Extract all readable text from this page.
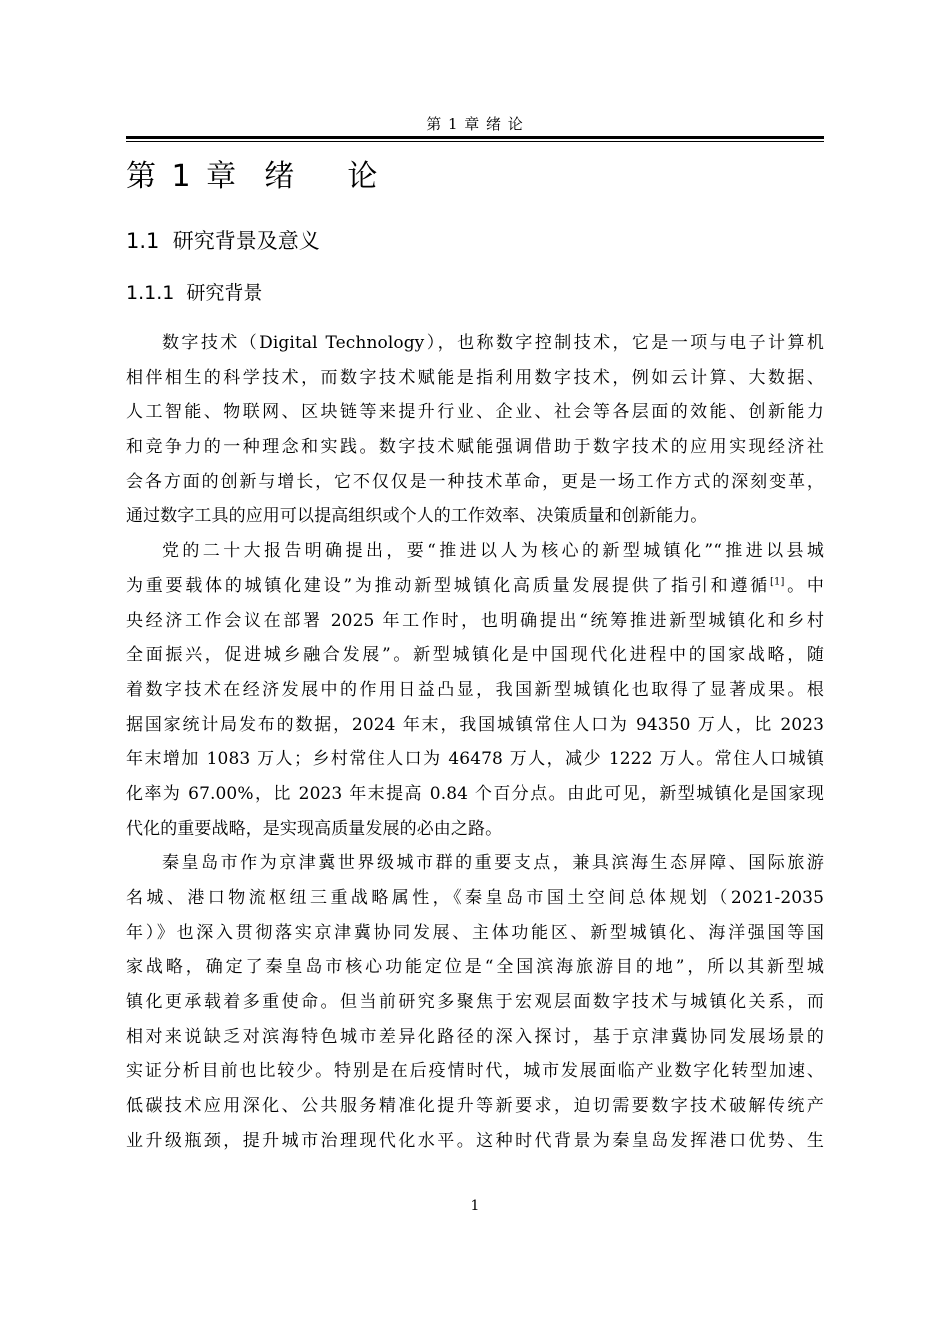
第 1 章 绪 论
第 1 章  绪    论
1.1  研究背景及意义
1.1.1  研究背景
数字技术（Digital Technology），也称数字控制技术，它是一项与电子计算机
相伴相生的科学技术，而数字技术赋能是指利用数字技术，例如云计算、大数据、
人工智能、物联网、区块链等来提升行业、企业、社会等各层面的效能、创新能力
和竞争力的一种理念和实践。数字技术赋能强调借助于数字技术的应用实现经济社
会各方面的创新与增长，它不仅仅是一种技术革命，更是一场工作方式的深刻变革，
通过数字工具的应用可以提高组织或个人的工作效率、决策质量和创新能力。
党的二十大报告明确提出，要“推进以人为核心的新型城镇化”“推进以县城
为重要载体的城镇化建设”为推动新型城镇化高质量发展提供了指引和遵循[1]。中
央经济工作会议在部署 2025 年工作时，也明确提出“统筹推进新型城镇化和乡村
全面振兴，促进城乡融合发展”。新型城镇化是中国现代化进程中的国家战略，随
着数字技术在经济发展中的作用日益凸显，我国新型城镇化也取得了显著成果。根
据国家统计局发布的数据，2024 年末，我国城镇常住人口为 94350 万人，比 2023
年末增加 1083 万人；乡村常住人口为 46478 万人，减少 1222 万人。常住人口城镇
化率为 67.00%，比 2023 年末提高 0.84 个百分点。由此可见，新型城镇化是国家现
代化的重要战略，是实现高质量发展的必由之路。
秦皇岛市作为京津冀世界级城市群的重要支点，兼具滨海生态屏障、国际旅游
名城、港口物流枢纽三重战略属性，《秦皇岛市国土空间总体规划（2021-2035
年）》也深入贯彻落实京津冀协同发展、主体功能区、新型城镇化、海洋强国等国
家战略，确定了秦皇岛市核心功能定位是“全国滨海旅游目的地”，所以其新型城
镇化更承载着多重使命。但当前研究多聚焦于宏观层面数字技术与城镇化关系，而
相对来说缺乏对滨海特色城市差异化路径的深入探讨，基于京津冀协同发展场景的
实证分析目前也比较少。特别是在后疫情时代，城市发展面临产业数字化转型加速、
低碳技术应用深化、公共服务精准化提升等新要求，迫切需要数字技术破解传统产
业升级瓶颈，提升城市治理现代化水平。这种时代背景为秦皇岛发挥港口优势、生
1
